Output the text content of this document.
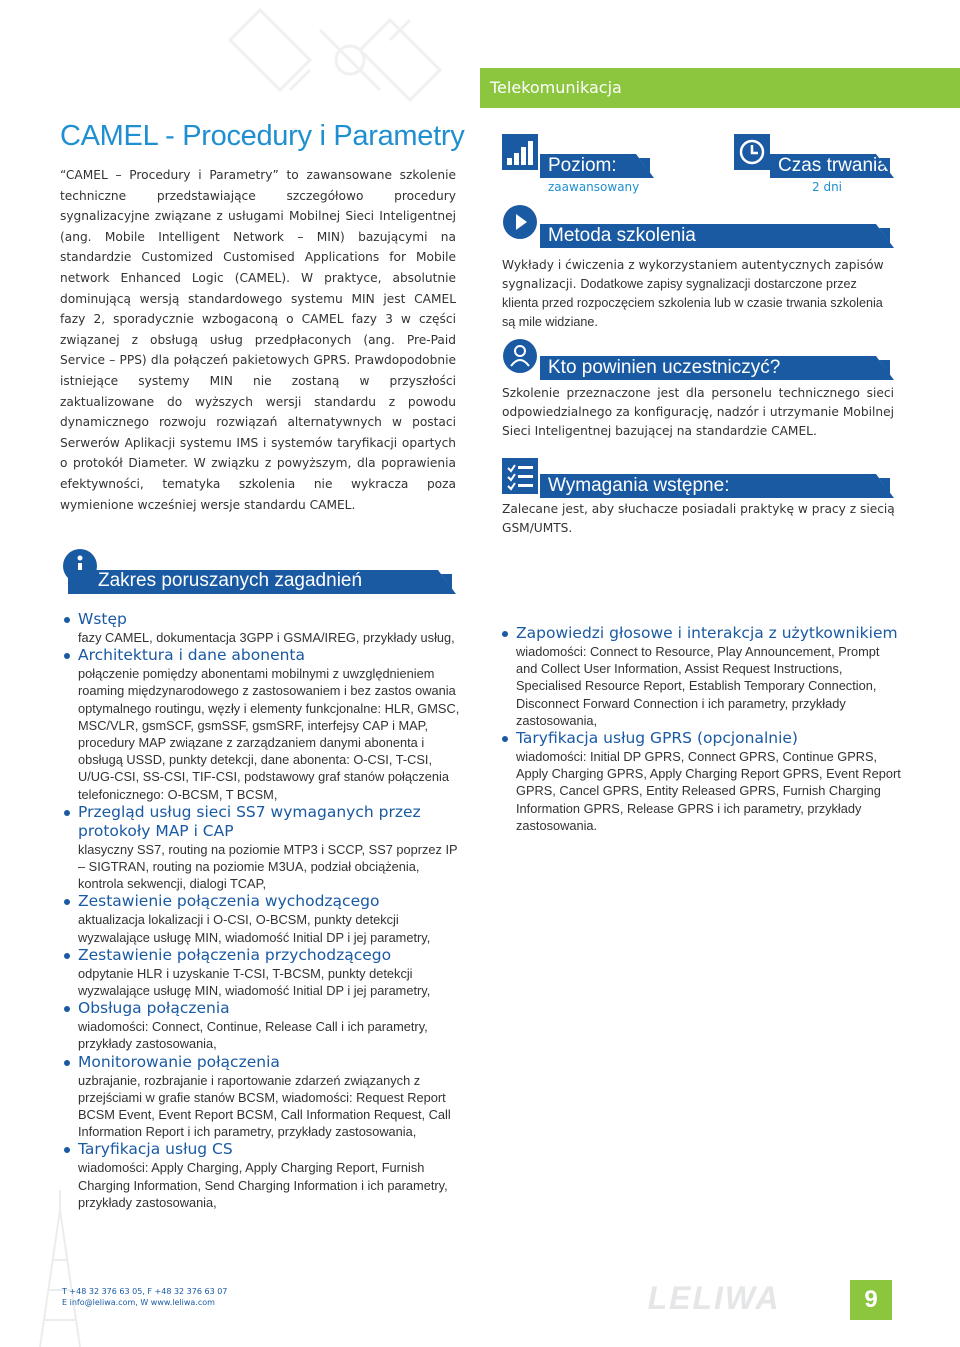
Telekomunikacja
CAMEL - Procedury i Parametry
“CAMEL – Procedury i Parametry” to zawansowane szkolenie techniczne przedstawiające szczegółowo procedury sygnalizacyjne związane z usługami Mobilnej Sieci Inteligentnej (ang. Mobile Intelligent Network – MIN) bazującymi na standardzie Customized Customised Applications for Mobile network Enhanced Logic (CAMEL). W praktyce, absolutnie dominującą wersją standardowego systemu MIN jest CAMEL fazy 2, sporadycznie wzbogaconą o CAMEL fazy 3 w części związanej z obsługą usług przedpłaconych (ang. Pre-Paid Service – PPS) dla połączeń pakietowych GPRS. Prawdopodobnie istniejące systemy MIN nie zostaną w przyszłości zaktualizowane do wyższych wersji standardu z powodu dynamicznego rozwoju rozwiązań alternatywnych w postaci Serwerów Aplikacji systemu IMS i systemów taryfikacji opartych o protokół Diameter. W związku z powyższym, dla poprawienia efektywności, tematyka szkolenia nie wykracza poza wymienione wcześniej wersje standardu CAMEL.
Poziom:
zaawansowany
Czas trwania:
2 dni
Metoda szkolenia
Wykłady i ćwiczenia z wykorzystaniem autentycznych zapisów sygnalizacji. Dodatkowe zapisy sygnalizacji dostarczone przez klienta przed rozpoczęciem szkolenia lub w czasie trwania szkolenia są mile widziane.
Kto powinien uczestniczyć?
Szkolenie przeznaczone jest dla personelu technicznego sieci odpowiedzialnego za konfigurację, nadzór i utrzymanie Mobilnej Sieci Inteligentnej bazującej na standardzie CAMEL.
Wymagania wstępne:
Zalecane jest, aby słuchacze posiadali praktykę w pracy z siecią GSM/UMTS.
Zakres poruszanych zagadnień
Wstęp
fazy CAMEL, dokumentacja 3GPP i GSMA/IREG, przykłady usług,
Architektura i dane abonenta
połączenie pomiędzy abonentami mobilnymi z uwzględnieniem roaming międzynarodowego z zastosowaniem i bez zastos owania optymalnego routingu, węzły i elementy funkcjonalne: HLR, GMSC, MSC/VLR, gsmSCF, gsmSSF, gsmSRF, interfejsy CAP i MAP, procedury MAP związane z zarządzaniem danymi abonenta i obsługą USSD, punkty detekcji, dane abonenta: O-CSI, T-CSI, U/UG-CSI, SS-CSI, TIF-CSI, podstawowy graf stanów połączenia telefonicznego: O-BCSM, T BCSM,
Przegląd usług sieci SS7 wymaganych przez protokoły MAP i CAP
klasyczny SS7, routing na poziomie MTP3 i SCCP, SS7 poprzez IP – SIGTRAN, routing na poziomie M3UA, podział obciążenia, kontrola sekwencji, dialogi TCAP,
Zestawienie połączenia wychodzącego
aktualizacja lokalizacji i O-CSI, O-BCSM, punkty detekcji wyzwalające usługę MIN, wiadomość Initial DP i jej parametry,
Zestawienie połączenia przychodzącego
odpytanie HLR i uzyskanie T-CSI, T-BCSM, punkty detekcji wyzwalające usługę MIN, wiadomość Initial DP i jej parametry,
Obsługa połączenia
wiadomości: Connect, Continue, Release Call i ich parametry, przykłady zastosowania,
Monitorowanie połączenia
uzbrajanie, rozbrajanie i raportowanie zdarzeń związanych z przejściami w grafie stanów BCSM, wiadomości: Request Report BCSM Event, Event Report BCSM, Call Information Request, Call Information Report i ich parametry, przykłady zastosowania,
Taryfikacja usług CS
wiadomości: Apply Charging, Apply Charging Report, Furnish Charging Information, Send Charging Information i ich parametry, przykłady zastosowania,
Zapowiedzi głosowe i interakcja z użytkownikiem
wiadomości: Connect to Resource, Play Announcement, Prompt and Collect User Information, Assist Request Instructions, Specialised Resource Report, Establish Temporary Connection, Disconnect Forward Connection i ich parametry, przykłady zastosowania,
Taryfikacja usług GPRS (opcjonalnie)
wiadomości: Initial DP GPRS, Connect GPRS, Continue GPRS, Apply Charging GPRS, Apply Charging Report GPRS, Event Report GPRS, Cancel GPRS, Entity Released GPRS, Furnish Charging Information GPRS, Release GPRS i ich parametry, przykłady zastosowania.
T +48 32 376 63 05, F +48 32 376 63 07
E info@leliwa.com, W www.leliwa.com	LELIWA	9
